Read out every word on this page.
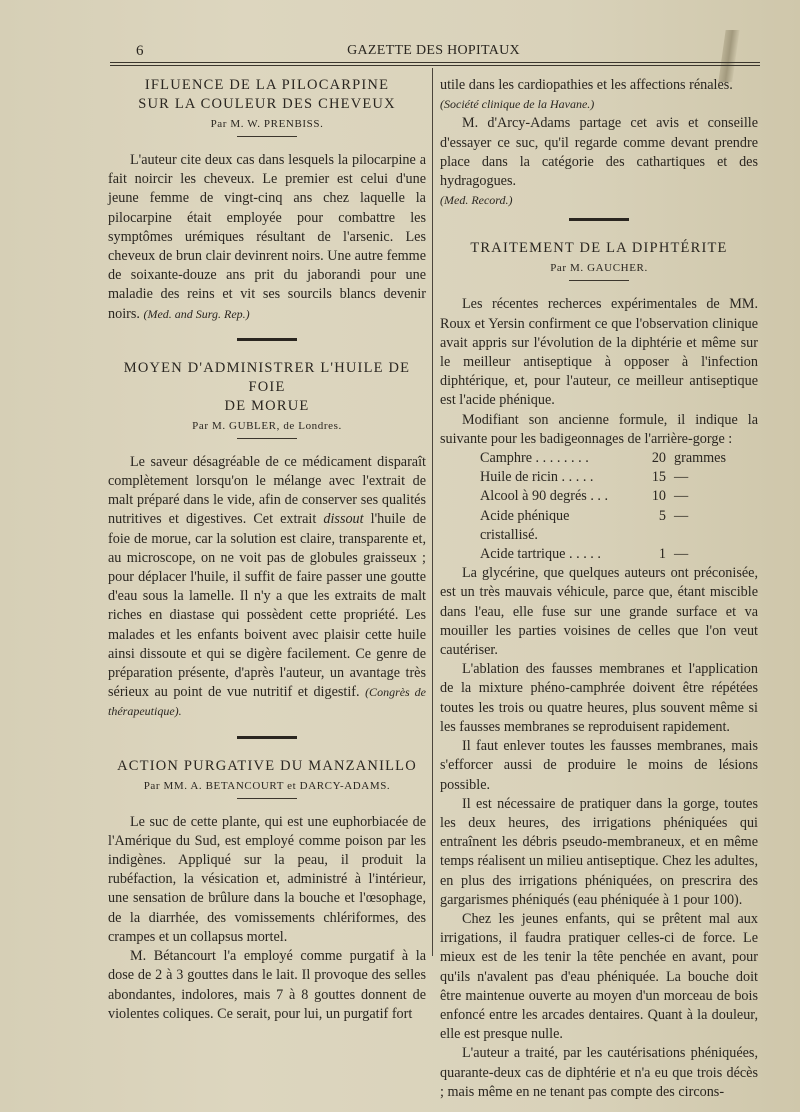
6	GAZETTE DES HOPITAUX
IFLUENCE DE LA PILOCARPINE
SUR LA COULEUR DES CHEVEUX
Par M. W. PRENBISS.

L'auteur cite deux cas dans lesquels la pilocarpine a fait noircir les cheveux. Le premier est celui d'une jeune femme de vingt-cinq ans chez laquelle la pilocarpine était employée pour combattre les symptômes urémiques résultant de l'arsenic. Les cheveux de brun clair devinrent noirs. Une autre femme de soixante-douze ans prit du jaborandi pour une maladie des reins et vit ses sourcils blancs devenir noirs. (Med. and Surg. Rep.)

MOYEN D'ADMINISTRER L'HUILE DE FOIE
DE MORUE
Par M. GUBLER, de Londres.

Le saveur désagréable de ce médicament disparaît complètement lorsqu'on le mélange avec l'extrait de malt préparé dans le vide, afin de conserver ses qualités nutritives et digestives. Cet extrait dissout l'huile de foie de morue, car la solution est claire, transparente et, au microscope, on ne voit pas de globules graisseux ; pour déplacer l'huile, il suffit de faire passer une goutte d'eau sous la lamelle. Il n'y a que les extraits de malt riches en diastase qui possèdent cette propriété. Les malades et les enfants boivent avec plaisir cette huile ainsi dissoute et qui se digère facilement. Ce genre de préparation présente, d'après l'auteur, un avantage très sérieux au point de vue nutritif et digestif. (Congrès de thérapeutique).

ACTION PURGATIVE DU MANZANILLO
Par MM. A. BETANCOURT et DARCY-ADAMS.

Le suc de cette plante, qui est une euphorbiacée de l'Amérique du Sud, est employé comme poison par les indigènes. Appliqué sur la peau, il produit la rubéfaction, la vésication et, administré à l'intérieur, une sensation de brûlure dans la bouche et l'œsophage, de la diarrhée, des vomissements chlériformes, des crampes et un collapsus mortel.

M. Bétancourt l'a employé comme purgatif à la dose de 2 à 3 gouttes dans le lait. Il provoque des selles abondantes, indolores, mais 7 à 8 gouttes donnent de violentes coliques. Ce serait, pour lui, un purgatif fort

utile dans les cardiopathies et les affections rénales.
(Société clinique de la Havane.)

M. d'Arcy-Adams partage cet avis et conseille d'essayer ce suc, qu'il regarde comme devant prendre place dans la catégorie des cathartiques et des hydragogues.
(Med. Record.)

TRAITEMENT DE LA DIPHTÉRITE
Par M. GAUCHER.

Les récentes recherces expérimentales de MM. Roux et Yersin confirment ce que l'observation clinique avait appris sur l'évolution de la diphtérie et même sur le meilleur antiseptique à opposer à l'infection diphtérique, et, pour l'auteur, ce meilleur antiseptique est l'acide phénique.

Modifiant son ancienne formule, il indique la suivante pour les badigeonnages de l'arrière-gorge :

Camphre . . . . . . . .	20 grammes
Huile de ricin . . . . .	15 —
Alcool à 90 degrés . . .	10 —
Acide phénique cristallisé.
5 —
Acide tartrique . . . . .	1 —

La glycérine, que quelques auteurs ont préconisée, est un très mauvais véhicule, parce que, étant miscible dans l'eau, elle fuse sur une grande surface et va mouiller les parties voisines de celles que l'on veut cautériser.

L'ablation des fausses membranes et l'application de la mixture phéno-camphrée doivent être répétées toutes les trois ou quatre heures, plus souvent même si les fausses membranes se reproduisent rapidement.

Il faut enlever toutes les fausses membranes, mais s'efforcer aussi de produire le moins de lésions possible.

Il est nécessaire de pratiquer dans la gorge, toutes les deux heures, des irrigations phéniquées qui entraînent les débris pseudo-membraneux, et en même temps réalisent un milieu antiseptique. Chez les adultes, en plus des irrigations phéniquées, on prescrira des gargarismes phéniqués (eau phéniquée à 1 pour 100).

Chez les jeunes enfants, qui se prêtent mal aux irrigations, il faudra pratiquer celles-ci de force. Le mieux est de les tenir la tête penchée en avant, pour qu'ils n'avalent pas d'eau phéniquée. La bouche doit être maintenue ouverte au moyen d'un morceau de bois enfoncé entre les arcades dentaires. Quant à la douleur, elle est presque nulle.

L'auteur a traité, par les cautérisations phéniquées, quarante-deux cas de diphtérie et n'a eu que trois décès ; mais même en ne tenant pas compte des circons-
